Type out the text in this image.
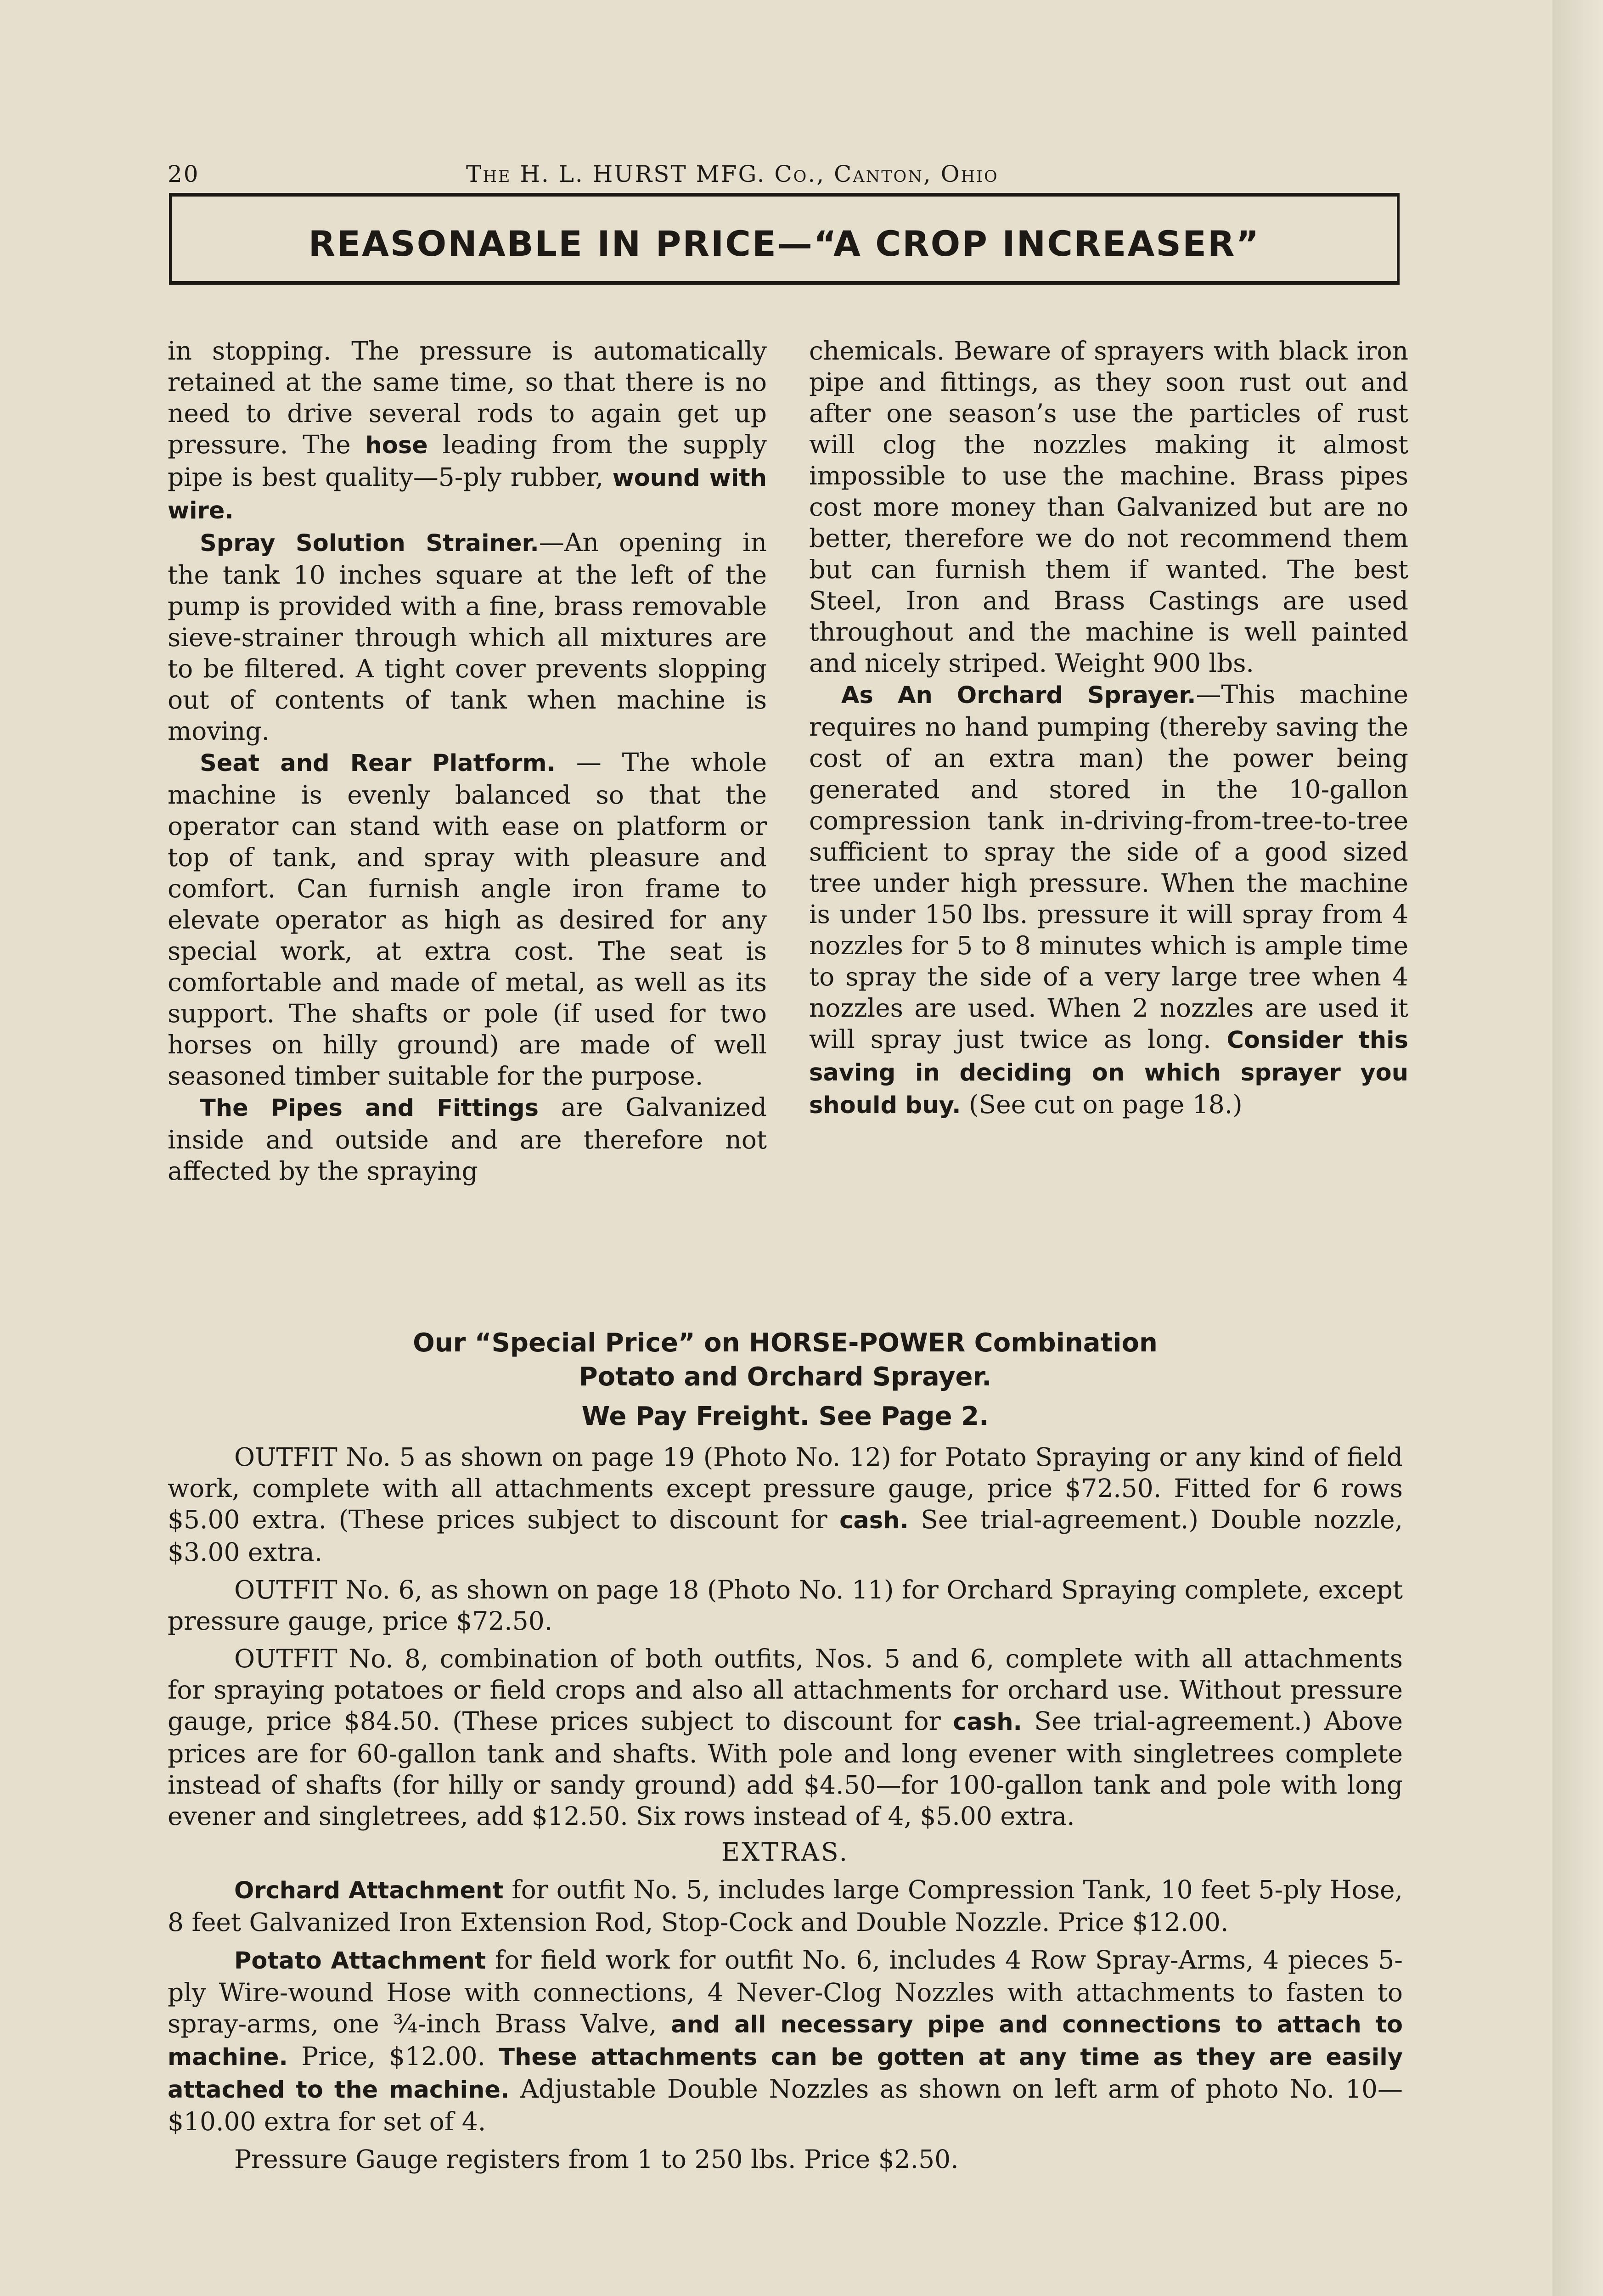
20	The H. L. HURST MFG. Co., Canton, Ohio
REASONABLE IN PRICE—“A CROP INCREASER”

in stopping. The pressure is automatically retained at the same time, so that there is no need to drive several rods to again get up pressure. The hose leading from the supply pipe is best quality—5-ply rubber, wound with wire.

Spray Solution Strainer.—An opening in the tank 10 inches square at the left of the pump is provided with a fine, brass removable sieve-strainer through which all mixtures are to be filtered. A tight cover prevents slopping out of contents of tank when machine is moving.

Seat and Rear Platform. — The whole machine is evenly balanced so that the operator can stand with ease on platform or top of tank, and spray with pleasure and comfort. Can furnish angle iron frame to elevate operator as high as desired for any special work, at extra cost. The seat is comfortable and made of metal, as well as its support. The shafts or pole (if used for two horses on hilly ground) are made of well seasoned timber suitable for the purpose.

The Pipes and Fittings are Galvanized inside and outside and are therefore not affected by the spraying

chemicals. Beware of sprayers with black iron pipe and fittings, as they soon rust out and after one season’s use the particles of rust will clog the nozzles making it almost impossible to use the machine. Brass pipes cost more money than Galvanized but are no better, therefore we do not recommend them but can furnish them if wanted. The best Steel, Iron and Brass Castings are used throughout and the machine is well painted and nicely striped. Weight 900 lbs.

As An Orchard Sprayer.—This machine requires no hand pumping (thereby saving the cost of an extra man) the power being generated and stored in the 10-gallon compression tank in-driving-from-tree-to-tree sufficient to spray the side of a good sized tree under high pressure. When the machine is under 150 lbs. pressure it will spray from 4 nozzles for 5 to 8 minutes which is ample time to spray the side of a very large tree when 4 nozzles are used. When 2 nozzles are used it will spray just twice as long. Consider this saving in deciding on which sprayer you should buy. (See cut on page 18.)

Our “Special Price” on HORSE-POWER Combination

Potato and Orchard Sprayer.

We Pay Freight. See Page 2.

OUTFIT No. 5 as shown on page 19 (Photo No. 12) for Potato Spraying or any kind of field work, complete with all attachments except pressure gauge, price $72.50. Fitted for 6 rows $5.00 extra. (These prices subject to discount for cash. See trial-agreement.) Double nozzle, $3.00 extra.

OUTFIT No. 6, as shown on page 18 (Photo No. 11) for Orchard Spraying complete, except pressure gauge, price $72.50.

OUTFIT No. 8, combination of both outfits, Nos. 5 and 6, complete with all attachments for spraying potatoes or field crops and also all attachments for orchard use. Without pressure gauge, price $84.50. (These prices subject to discount for cash. See trial-agreement.) Above prices are for 60-gallon tank and shafts. With pole and long evener with singletrees complete instead of shafts (for hilly or sandy ground) add $4.50—for 100-gallon tank and pole with long evener and singletrees, add $12.50. Six rows instead of 4, $5.00 extra.

EXTRAS.

Orchard Attachment for outfit No. 5, includes large Compression Tank, 10 feet 5-ply Hose, 8 feet Galvanized Iron Extension Rod, Stop-Cock and Double Nozzle. Price $12.00.

Potato Attachment for field work for outfit No. 6, includes 4 Row Spray-Arms, 4 pieces 5-ply Wire-wound Hose with connections, 4 Never-Clog Nozzles with attachments to fasten to spray-arms, one ¾-inch Brass Valve, and all necessary pipe and connections to attach to machine. Price, $12.00. These attachments can be gotten at any time as they are easily attached to the machine. Adjustable Double Nozzles as shown on left arm of photo No. 10—$10.00 extra for set of 4.

Pressure Gauge registers from 1 to 250 lbs. Price $2.50.
